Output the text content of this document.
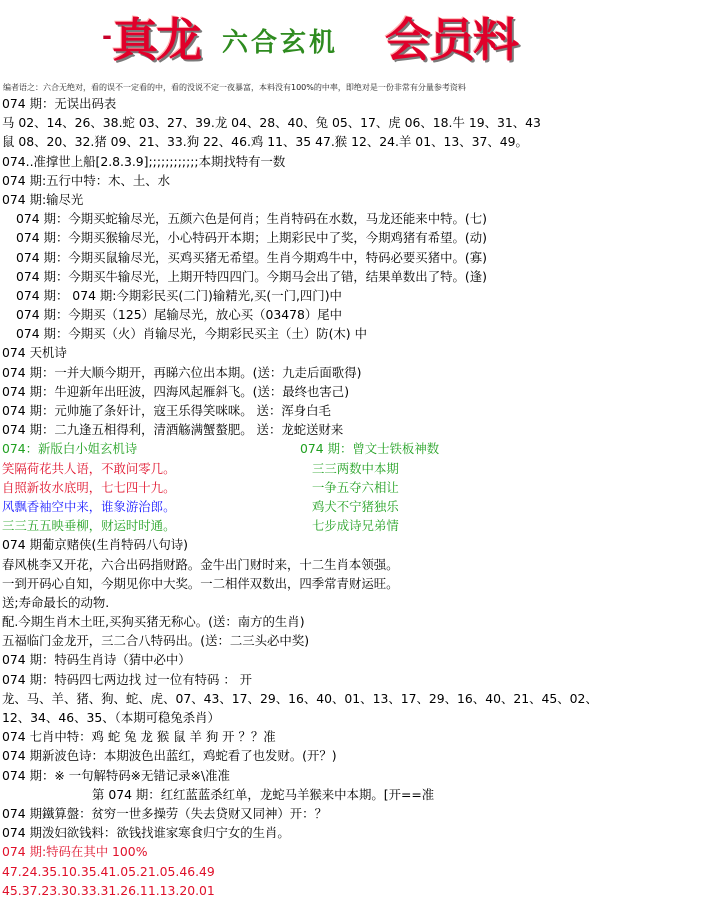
- 真龙 六合玄机 会员料
编者语之：六合无绝对，看的误不一定看的中，看的没说不定一夜暴富，本料没有100%的中率，即绝对是一份非常有分量参考资料
074 期：无误出码表
马 02、14、26、38.蛇 03、27、39.龙 04、28、40、兔 05、17、虎 06、18.牛 19、31、43
鼠 08、20、32.猪 09、21、33.狗 22、46.鸡 11、35 47.猴 12、24.羊 01、13、37、49。
074..准撑世上船[2.8.3.9];;;;;;;;;;;;本期找特有一数
074 期:五行中特：木、土、水
074 期:输尽光
074 期：今期买蛇输尽光，五颜六色是何肖；生肖特码在水数，马龙还能来中特。(七)
074 期：今期买猴输尽光，小心特码开本期；上期彩民中了奖，今期鸡猪有希望。(动)
074 期：今期买鼠输尽光，买鸡买猪无希望。生肖今期鸡牛中，特码必要买猪中。(寡)
074 期：今期买牛输尽光，上期开特四四门。今期马会出了错，结果单数出了特。(逢)
074 期： 074 期:今期彩民买(二门)输精光,买(一门,四门)中
074 期：今期买（125）尾输尽光，放心买（03478）尾中
074 期：今期买（火）肖输尽光，今期彩民买主（土）防(木) 中
074 天机诗
074 期：一并大顺今期开，再睇六位出本期。(送：九走后面歌得)
074 期：牛迎新年出旺波，四海风起雁斜飞。(送：最终也害己)
074 期：元帅施了条奸计，寇王乐得笑咪咪。 送：浑身白毛
074 期：二九逢五相得利，清酒觞满蟹螯肥。 送：龙蛇送财来
074：新版白小姐玄机诗	074 期：曾文士铁板神数
笑隔荷花共人语，不敢问零几。	三三两数中本期
自照新妆水底明，七七四十九。	一争五夺六相让
风飘香袖空中来，谁象游治郎。	鸡犬不宁猪独乐
三三五五映垂柳，财运时时通。	七步成诗兄弟情
074 期葡京赌侠(生肖特码八句诗)
春风桃李又开花，六合出码指财路。金牛出门财时来，十二生肖本领强。
一到开码心自知，今期见你中大奖。一二相伴双数出，四季常青财运旺。
送;寿命最长的动物.
配.今期生肖木土旺,买狗买猪无称心。(送：南方的生肖)
五福临门金龙开，三二合八特码出。(送：二三头必中奖)
074 期：特码生肖诗（猜中必中）
074 期：特码四七两边找 过一位有特码 ： 开
龙、马、羊、猪、狗、蛇、虎、07、43、17、29、16、40、01、13、17、29、16、40、21、45、02、
12、34、46、35、（本期可稳兔杀肖）
074 七肖中特：鸡 蛇 兔 龙 猴 鼠 羊 狗 开 ？？准
074 期新波色诗：本期波色出蓝红，鸡蛇看了也发财。(开？)
074 期：※ 一句解特码※无错记录※\准准
第 074 期：红红蓝蓝杀红单，龙蛇马羊猴来中本期。[开==准
074 期鐵算盤：贫穷一世多操劳（失去贷财又同神）开：？
074 期泼妇欲钱料：欲钱找谁家寒食归宁女的生肖。
074 期:特码在其中 100%
47.24.35.10.35.41.05.21.05.46.49
45.37.23.30.33.31.26.11.13.20.01
